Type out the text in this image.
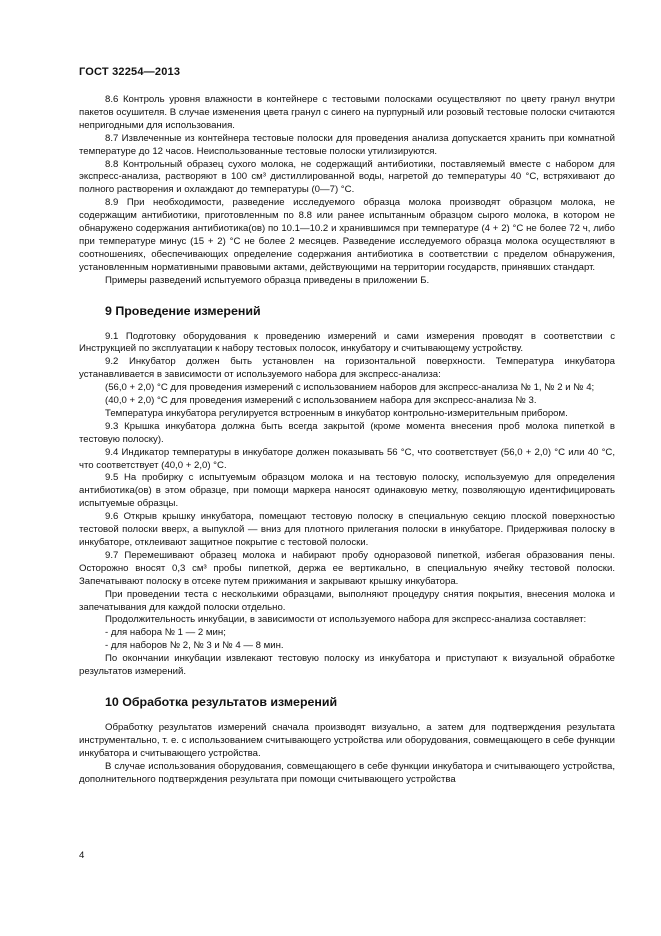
ГОСТ 32254—2013

8.6 Контроль уровня влажности в контейнере с тестовыми полосками осуществляют по цвету гранул внутри пакетов осушителя. В случае изменения цвета гранул с синего на пурпурный или розовый тестовые полоски считаются непригодными для использования.

8.7 Извлеченные из контейнера тестовые полоски для проведения анализа допускается хранить при комнатной температуре до 12 часов. Неиспользованные тестовые полоски утилизируются.

8.8 Контрольный образец сухого молока, не содержащий антибиотики, поставляемый вместе с набором для экспресс-анализа, растворяют в 100 см³ дистиллированной воды, нагретой до температуры 40 °С, встряхивают до полного растворения и охлаждают до температуры (0—7) °С.

8.9 При необходимости, разведение исследуемого образца молока производят образцом молока, не содержащим антибиотики, приготовленным по 8.8 или ранее испытанным образцом сырого молока, в котором не обнаружено содержания антибиотика(ов) по 10.1—10.2 и хранившимся при температуре (4 + 2) °С не более 72 ч, либо при температуре минус (15 + 2) °С не более 2 месяцев. Разведение исследуемого образца молока осуществляют в соотношениях, обеспечивающих определение содержания антибиотика в соответствии с пределом обнаружения, установленным нормативными правовыми актами, действующими на территории государств, принявших стандарт.

Примеры разведений испытуемого образца приведены в приложении Б.

9 Проведение измерений

9.1 Подготовку оборудования к проведению измерений и сами измерения проводят в соответствии с Инструкцией по эксплуатации к набору тестовых полосок, инкубатору и считывающему устройству.

9.2 Инкубатор должен быть установлен на горизонтальной поверхности. Температура инкубатора устанавливается в зависимости от используемого набора для экспресс-анализа:

(56,0 + 2,0) °С для проведения измерений с использованием наборов для экспресс-анализа № 1, № 2 и № 4;

(40,0 + 2,0) °С для проведения измерений с использованием набора для экспресс-анализа № 3.

Температура инкубатора регулируется встроенным в инкубатор контрольно-измерительным прибором.

9.3 Крышка инкубатора должна быть всегда закрытой (кроме момента внесения проб молока пипеткой в тестовую полоску).

9.4 Индикатор температуры в инкубаторе должен показывать 56 °С, что соответствует (56,0 + 2,0) °С или 40 °С, что соответствует (40,0 + 2,0) °С.

9.5 На пробирку с испытуемым образцом молока и на тестовую полоску, используемую для определения антибиотика(ов) в этом образце, при помощи маркера наносят одинаковую метку, позволяющую идентифицировать испытуемые образцы.

9.6 Открыв крышку инкубатора, помещают тестовую полоску в специальную секцию плоской поверхностью тестовой полоски вверх, а выпуклой — вниз для плотного прилегания полоски в инкубаторе. Придерживая полоску в инкубаторе, отклеивают защитное покрытие с тестовой полоски.

9.7 Перемешивают образец молока и набирают пробу одноразовой пипеткой, избегая образования пены. Осторожно вносят 0,3 см³ пробы пипеткой, держа ее вертикально, в специальную ячейку тестовой полоски. Запечатывают полоску в отсеке путем прижимания и закрывают крышку инкубатора.

При проведении теста с несколькими образцами, выполняют процедуру снятия покрытия, внесения молока и запечатывания для каждой полоски отдельно.

Продолжительность инкубации, в зависимости от используемого набора для экспресс-анализа составляет:

- для набора № 1 — 2 мин;

- для наборов № 2, № 3 и № 4 — 8 мин.

По окончании инкубации извлекают тестовую полоску из инкубатора и приступают к визуальной обработке результатов измерений.

10 Обработка результатов измерений

Обработку результатов измерений сначала производят визуально, а затем для подтверждения результата инструментально, т. е. с использованием считывающего устройства или оборудования, совмещающего в себе функции инкубатора и считывающего устройства.

В случае использования оборудования, совмещающего в себе функции инкубатора и считывающего устройства, дополнительного подтверждения результата при помощи считывающего устройства

4
